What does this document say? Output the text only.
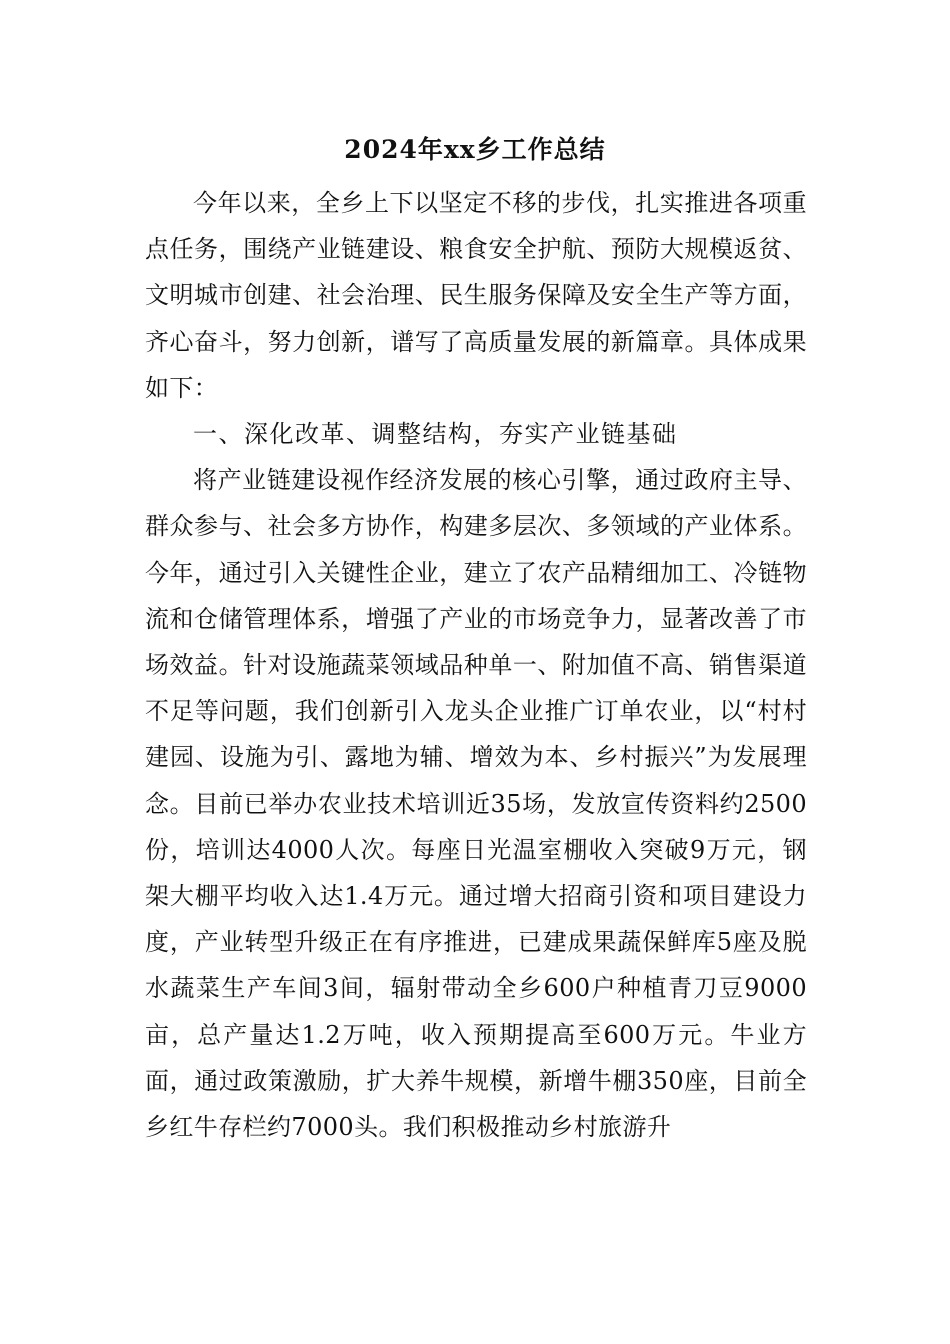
2024年xx乡工作总结

今年以来，全乡上下以坚定不移的步伐，扎实推进各项重点任务，围绕产业链建设、粮食安全护航、预防大规模返贫、文明城市创建、社会治理、民生服务保障及安全生产等方面，齐心奋斗，努力创新，谱写了高质量发展的新篇章。具体成果如下：

一、深化改革、调整结构，夯实产业链基础

将产业链建设视作经济发展的核心引擎，通过政府主导、群众参与、社会多方协作，构建多层次、多领域的产业体系。今年，通过引入关键性企业，建立了农产品精细加工、冷链物流和仓储管理体系，增强了产业的市场竞争力，显著改善了市场效益。针对设施蔬菜领域品种单一、附加值不高、销售渠道不足等问题，我们创新引入龙头企业推广订单农业，以“村村建园、设施为引、露地为辅、增效为本、乡村振兴”为发展理念。目前已举办农业技术培训近35场，发放宣传资料约2500份，培训达4000人次。每座日光温室棚收入突破9万元，钢架大棚平均收入达1.4万元。通过增大招商引资和项目建设力度，产业转型升级正在有序推进，已建成果蔬保鲜库5座及脱水蔬菜生产车间3间，辐射带动全乡600户种植青刀豆9000亩，总产量达1.2万吨，收入预期提高至600万元。牛业方面，通过政策激励，扩大养牛规模，新增牛棚350座，目前全乡红牛存栏约7000头。我们积极推动乡村旅游升
